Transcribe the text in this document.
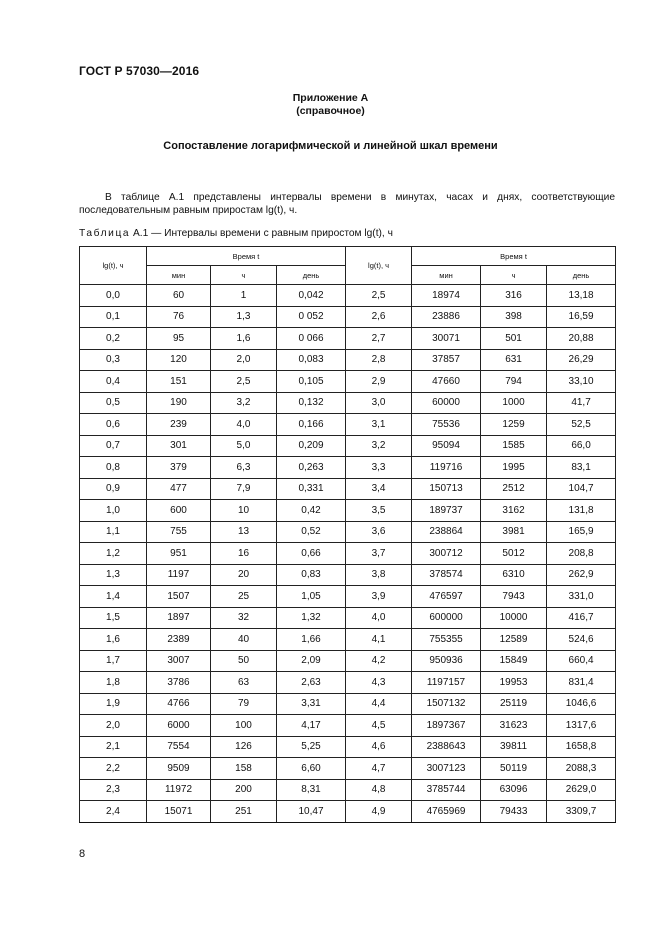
ГОСТ Р 57030—2016
Приложение А
(справочное)
Сопоставление логарифмической и линейной шкал времени
В таблице А.1 представлены интервалы времени в минутах, часах и днях, соответствующие последовательным равным приростам lg(t), ч.
Таблица А.1 — Интервалы времени с равным приростом lg(t), ч
lg(t), ч	Время t			lg(t), ч	Время t		
	мин	ч	день		мин	ч	день
0,0	60	1	0,042	2,5	18974	316	13,18
0,1	76	1,3	0 052	2,6	23886	398	16,59
0,2	95	1,6	0 066	2,7	30071	501	20,88
0,3	120	2,0	0,083	2,8	37857	631	26,29
0,4	151	2,5	0,105	2,9	47660	794	33,10
0,5	190	3,2	0,132	3,0	60000	1000	41,7
0,6	239	4,0	0,166	3,1	75536	1259	52,5
0,7	301	5,0	0,209	3,2	95094	1585	66,0
0,8	379	6,3	0,263	3,3	119716	1995	83,1
0,9	477	7,9	0,331	3,4	150713	2512	104,7
1,0	600	10	0,42	3,5	189737	3162	131,8
1,1	755	13	0,52	3,6	238864	3981	165,9
1,2	951	16	0,66	3,7	300712	5012	208,8
1,3	1197	20	0,83	3,8	378574	6310	262,9
1,4	1507	25	1,05	3,9	476597	7943	331,0
1,5	1897	32	1,32	4,0	600000	10000	416,7
1,6	2389	40	1,66	4,1	755355	12589	524,6
1,7	3007	50	2,09	4,2	950936	15849	660,4
1,8	3786	63	2,63	4,3	1197157	19953	831,4
1,9	4766	79	3,31	4,4	1507132	25119	1046,6
2,0	6000	100	4,17	4,5	1897367	31623	1317,6
2,1	7554	126	5,25	4,6	2388643	39811	1658,8
2,2	9509	158	6,60	4,7	3007123	50119	2088,3
2,3	11972	200	8,31	4,8	3785744	63096	2629,0
2,4	15071	251	10,47	4,9	4765969	79433	3309,7
8
